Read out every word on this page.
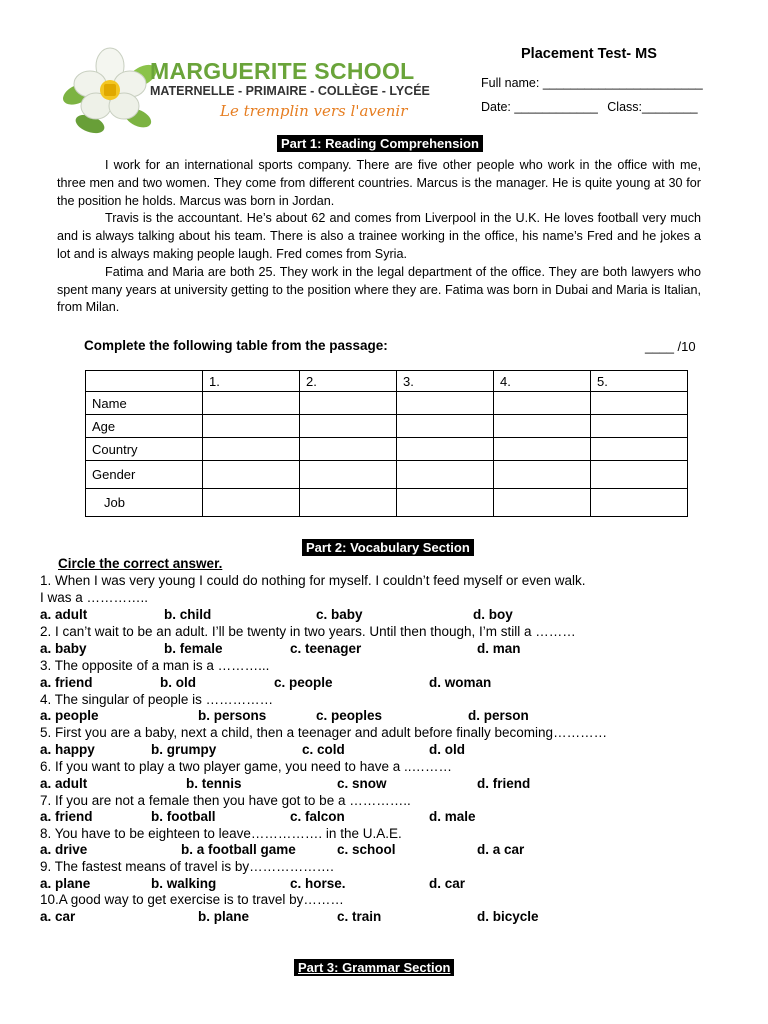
MARGUERITE SCHOOL
MATERNELLE - PRIMAIRE - COLLÈGE - LYCÉE
Le tremplin vers l'avenir
Placement Test- MS
Full name: _______________________
Date: ____________ Class:________
Part 1: Reading Comprehension

I work for an international sports company. There are five other people who work in the office with me, three men and two women. They come from different countries. Marcus is the manager. He is quite young at 30 for the position he holds. Marcus was born in Jordan.

Travis is the accountant. He’s about 62 and comes from Liverpool in the U.K. He loves football very much and is always talking about his team. There is also a trainee working in the office, his name’s Fred and he jokes a lot and is always making people laugh. Fred comes from Syria.

Fatima and Maria are both 25. They work in the legal department of the office. They are both lawyers who spent many years at university getting to the position where they are. Fatima was born in Dubai and Maria is Italian, from Milan.

Complete the following table from the passage:	____ /10
	1.	2.	3.	4.	5.
Name					
Age					
Country					
Gender					
Job					
Part 2: Vocabulary Section
Circle the correct answer.
1. When I was very young I could do nothing for myself. I couldn’t feed myself or even walk.
I was a …………..
a. adult	b. child	c. baby	d. boy
2. I can’t wait to be an adult. I’ll be twenty in two years. Until then though, I’m still a ………
a. baby	b. female	c. teenager	d. man
3. The opposite of a man is a ………...
a. friend	b. old	c. people	d. woman
4. The singular of people is ……………
a. people	b. persons	c. peoples	d. person
5. First you are a baby, next a child, then a teenager and adult before finally becoming…………
a. happy	b. grumpy	c. cold	d. old
6. If you want to play a two player game, you need to have a ..………
a. adult	b. tennis	c. snow	d. friend
7. If you are not a female then you have got to be a …………..
a. friend	b. football	c. falcon	d. male
8. You have to be eighteen to leave……………. in the U.A.E.
a. drive	b. a football game	c. school	d. a car
9. The fastest means of travel is by……………….
a. plane	b. walking	c. horse.	d. car
10.A good way to get exercise is to travel by………
a. car	b. plane	c. train	d. bicycle
Part 3: Grammar Section
